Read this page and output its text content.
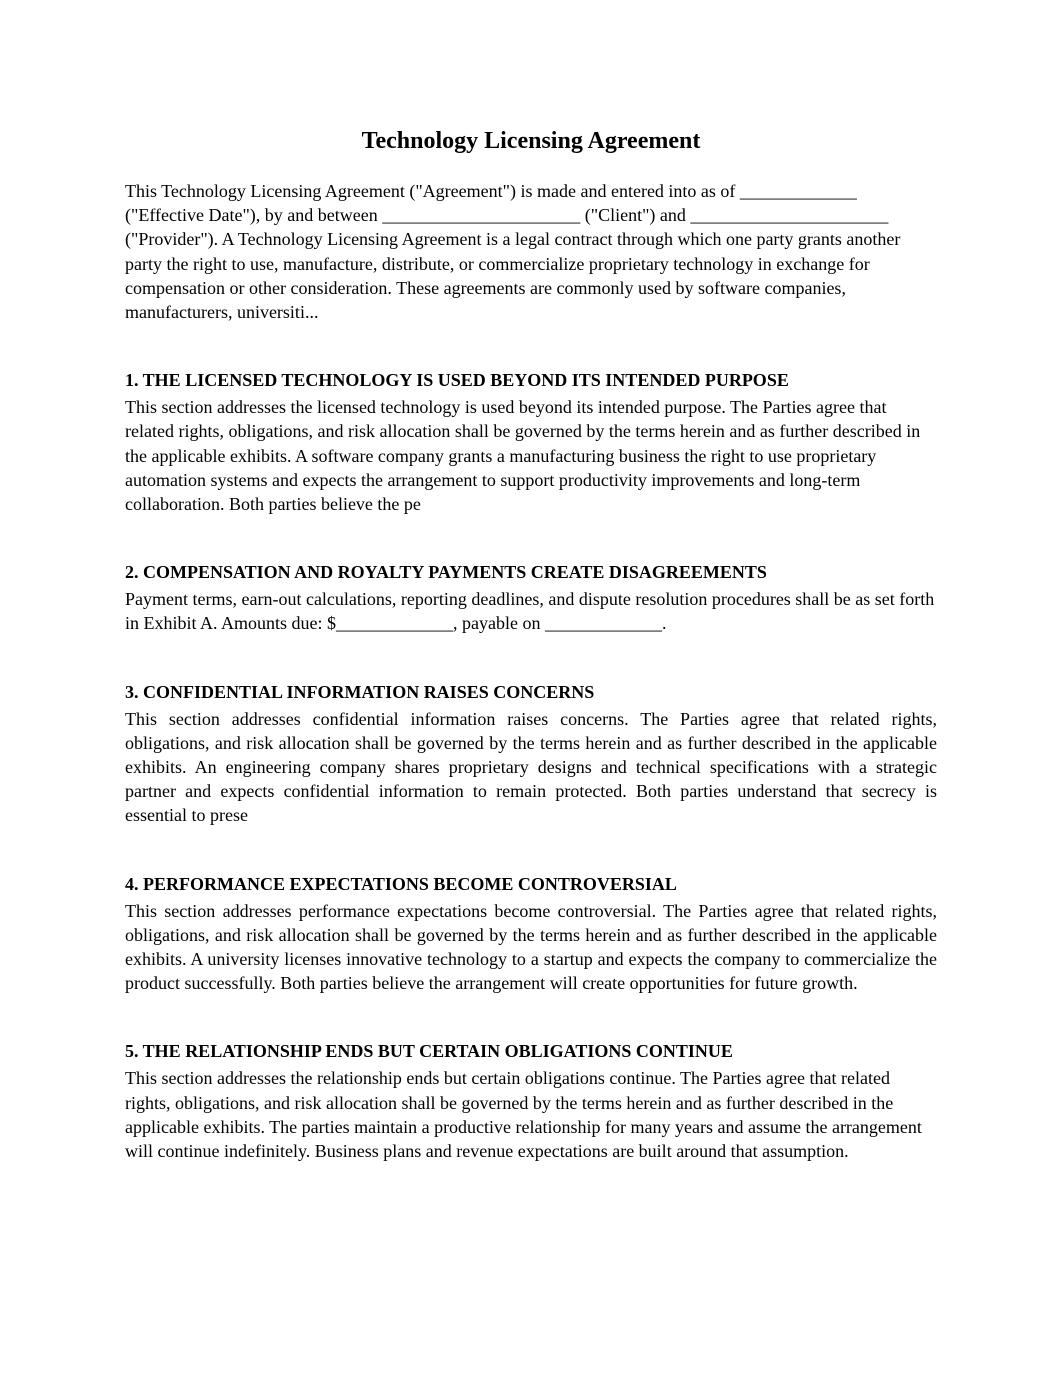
Technology Licensing Agreement

This Technology Licensing Agreement ("Agreement") is made and entered into as of _____________ ("Effective Date"), by and between ______________________ ("Client") and ______________________ ("Provider"). A Technology Licensing Agreement is a legal contract through which one party grants another party the right to use, manufacture, distribute, or commercialize proprietary technology in exchange for compensation or other consideration. These agreements are commonly used by software companies, manufacturers, universiti...

1. THE LICENSED TECHNOLOGY IS USED BEYOND ITS INTENDED PURPOSE

This section addresses the licensed technology is used beyond its intended purpose. The Parties agree that related rights, obligations, and risk allocation shall be governed by the terms herein and as further described in the applicable exhibits. A software company grants a manufacturing business the right to use proprietary automation systems and expects the arrangement to support productivity improvements and long-term collaboration. Both parties believe the pe

2. COMPENSATION AND ROYALTY PAYMENTS CREATE DISAGREEMENTS

Payment terms, earn-out calculations, reporting deadlines, and dispute resolution procedures shall be as set forth in Exhibit A. Amounts due: $_____________, payable on _____________.

3. CONFIDENTIAL INFORMATION RAISES CONCERNS

This section addresses confidential information raises concerns. The Parties agree that related rights, obligations, and risk allocation shall be governed by the terms herein and as further described in the applicable exhibits. An engineering company shares proprietary designs and technical specifications with a strategic partner and expects confidential information to remain protected. Both parties understand that secrecy is essential to prese

4. PERFORMANCE EXPECTATIONS BECOME CONTROVERSIAL

This section addresses performance expectations become controversial. The Parties agree that related rights, obligations, and risk allocation shall be governed by the terms herein and as further described in the applicable exhibits. A university licenses innovative technology to a startup and expects the company to commercialize the product successfully. Both parties believe the arrangement will create opportunities for future growth.

5. THE RELATIONSHIP ENDS BUT CERTAIN OBLIGATIONS CONTINUE

This section addresses the relationship ends but certain obligations continue. The Parties agree that related rights, obligations, and risk allocation shall be governed by the terms herein and as further described in the applicable exhibits. The parties maintain a productive relationship for many years and assume the arrangement will continue indefinitely. Business plans and revenue expectations are built around that assumption.
